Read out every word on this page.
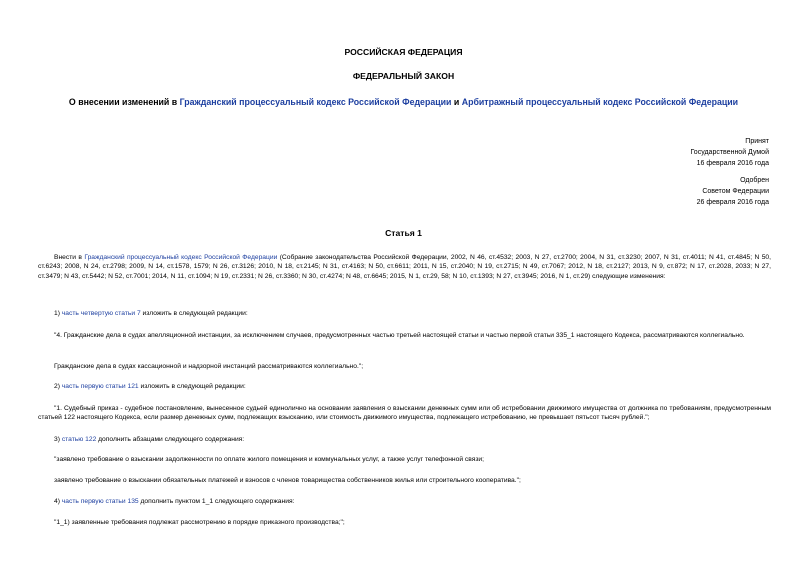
РОССИЙСКАЯ ФЕДЕРАЦИЯ
ФЕДЕРАЛЬНЫЙ ЗАКОН
О внесении изменений в Гражданский процессуальный кодекс Российской Федерации и Арбитражный процессуальный кодекс Российской Федерации
Принят
Государственной Думой
16 февраля 2016 года
Одобрен
Советом Федерации
26 февраля 2016 года
Статья 1
Внести в Гражданский процессуальный кодекс Российской Федерации (Собрание законодательства Российской Федерации, 2002, N 46, ст.4532; 2003, N 27, ст.2700; 2004, N 31, ст.3230; 2007, N 31, ст.4011; N 41, ст.4845; N 50, ст.6243; 2008, N 24, ст.2798; 2009, N 14, ст.1578, 1579; N 26, ст.3126; 2010, N 18, ст.2145; N 31, ст.4163; N 50, ст.6611; 2011, N 15, ст.2040; N 19, ст.2715; N 49, ст.7067; 2012, N 18, ст.2127; 2013, N 9, ст.872; N 17, ст.2028, 2033; N 27, ст.3479; N 43, ст.5442; N 52, ст.7001; 2014, N 11, ст.1094; N 19, ст.2331; N 26, ст.3360; N 30, ст.4274; N 48, ст.6645; 2015, N 1, ст.29, 58; N 10, ст.1393; N 27, ст.3945; 2016, N 1, ст.29) следующие изменения:
1) часть четвертую статьи 7 изложить в следующей редакции:
"4. Гражданские дела в судах апелляционной инстанции, за исключением случаев, предусмотренных частью третьей настоящей статьи и частью первой статьи 335_1 настоящего Кодекса, рассматриваются коллегиально.
Гражданские дела в судах кассационной и надзорной инстанций рассматриваются коллегиально.";
2) часть первую статьи 121 изложить в следующей редакции:
"1. Судебный приказ - судебное постановление, вынесенное судьей единолично на основании заявления о взыскании денежных сумм или об истребовании движимого имущества от должника по требованиям, предусмотренным статьей 122 настоящего Кодекса, если размер денежных сумм, подлежащих взысканию, или стоимость движимого имущества, подлежащего истребованию, не превышает пятьсот тысяч рублей.";
3) статью 122 дополнить абзацами следующего содержания:
"заявлено требование о взыскании задолженности по оплате жилого помещения и коммунальных услуг, а также услуг телефонной связи;
заявлено требование о взыскании обязательных платежей и взносов с членов товарищества собственников жилья или строительного кооператива.";
4) часть первую статьи 135 дополнить пунктом 1_1 следующего содержания:
"1_1) заявленные требования подлежат рассмотрению в порядке приказного производства;";
